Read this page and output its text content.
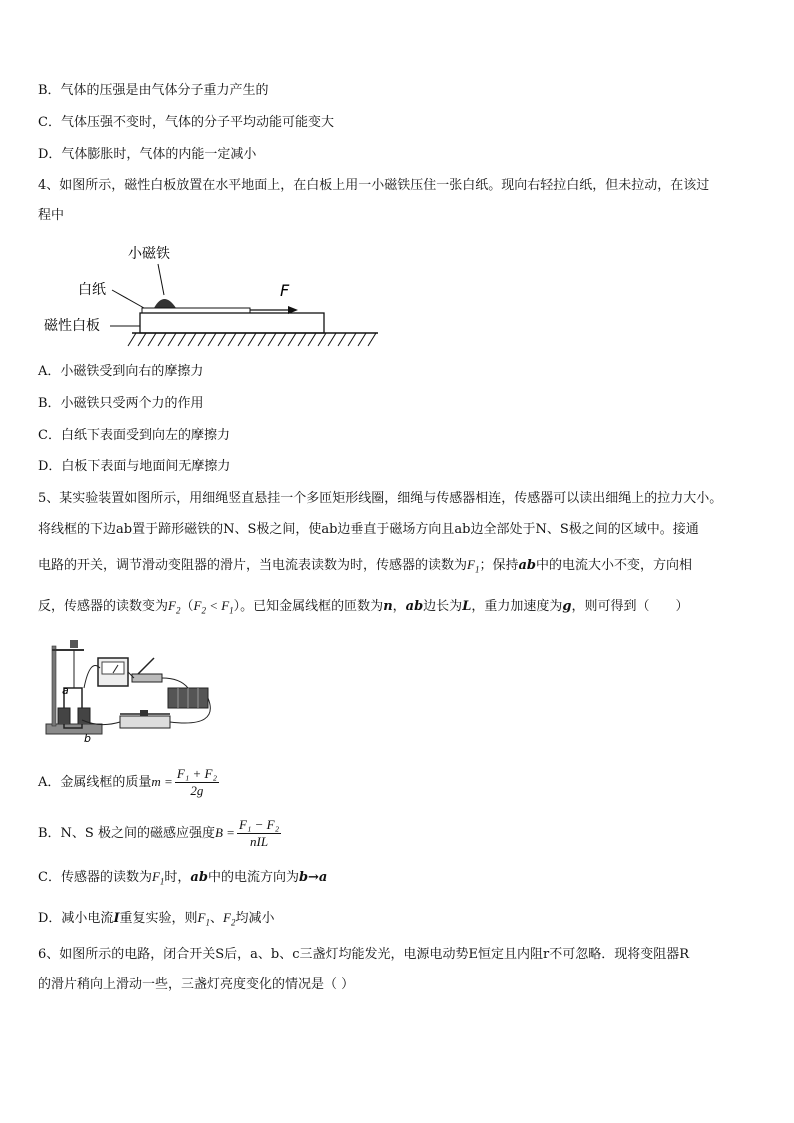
B．气体的压强是由气体分子重力产生的
C．气体压强不变时，气体的分子平均动能可能变大
D．气体膨胀时，气体的内能一定减小
4、如图所示，磁性白板放置在水平地面上，在白板上用一小磁铁压住一张白纸。现向右轻拉白纸，但未拉动，在该过
程中
小磁铁
白纸
磁性白板
F
A．小磁铁受到向右的摩擦力
B．小磁铁只受两个力的作用
C．白纸下表面受到向左的摩擦力
D．白板下表面与地面间无摩擦力
5、某实验装置如图所示，用细绳竖直悬挂一个多匝矩形线圈，细绳与传感器相连，传感器可以读出细绳上的拉力大小。
将线框的下边ab置于蹄形磁铁的N、S极之间，使ab边垂直于磁场方向且ab边全部处于N、S极之间的区域中。接通
电路的开关，调节滑动变阻器的滑片，当电流表读数为时，传感器的读数为$F_1$；保持ab中的电流大小不变，方向相
反，传感器的读数变为$F_2(F_2 < F_1)$。已知金属线框的匝数为n，ab边长为L，重力加速度为g，则可得到（　　）
a
b
A．金属线框的质量$m = \frac{\text{F₁ + F₂}}{2g}$
B．N、S 极之间的磁感应强度$B = \frac{\text{F₁ − F₂}}{\text{nIL}}$
C．传感器的读数为$F_1$时，ab中的电流方向为b→a
D．减小电流I重复实验，则$F_1$、$F_2$均减小
6、如图所示的电路，闭合开关S后，a、b、c三盏灯均能发光，电源电动势E恒定且内阻r不可忽略．现将变阻器R
的滑片稍向上滑动一些，三盏灯亮度变化的情况是（ ）
